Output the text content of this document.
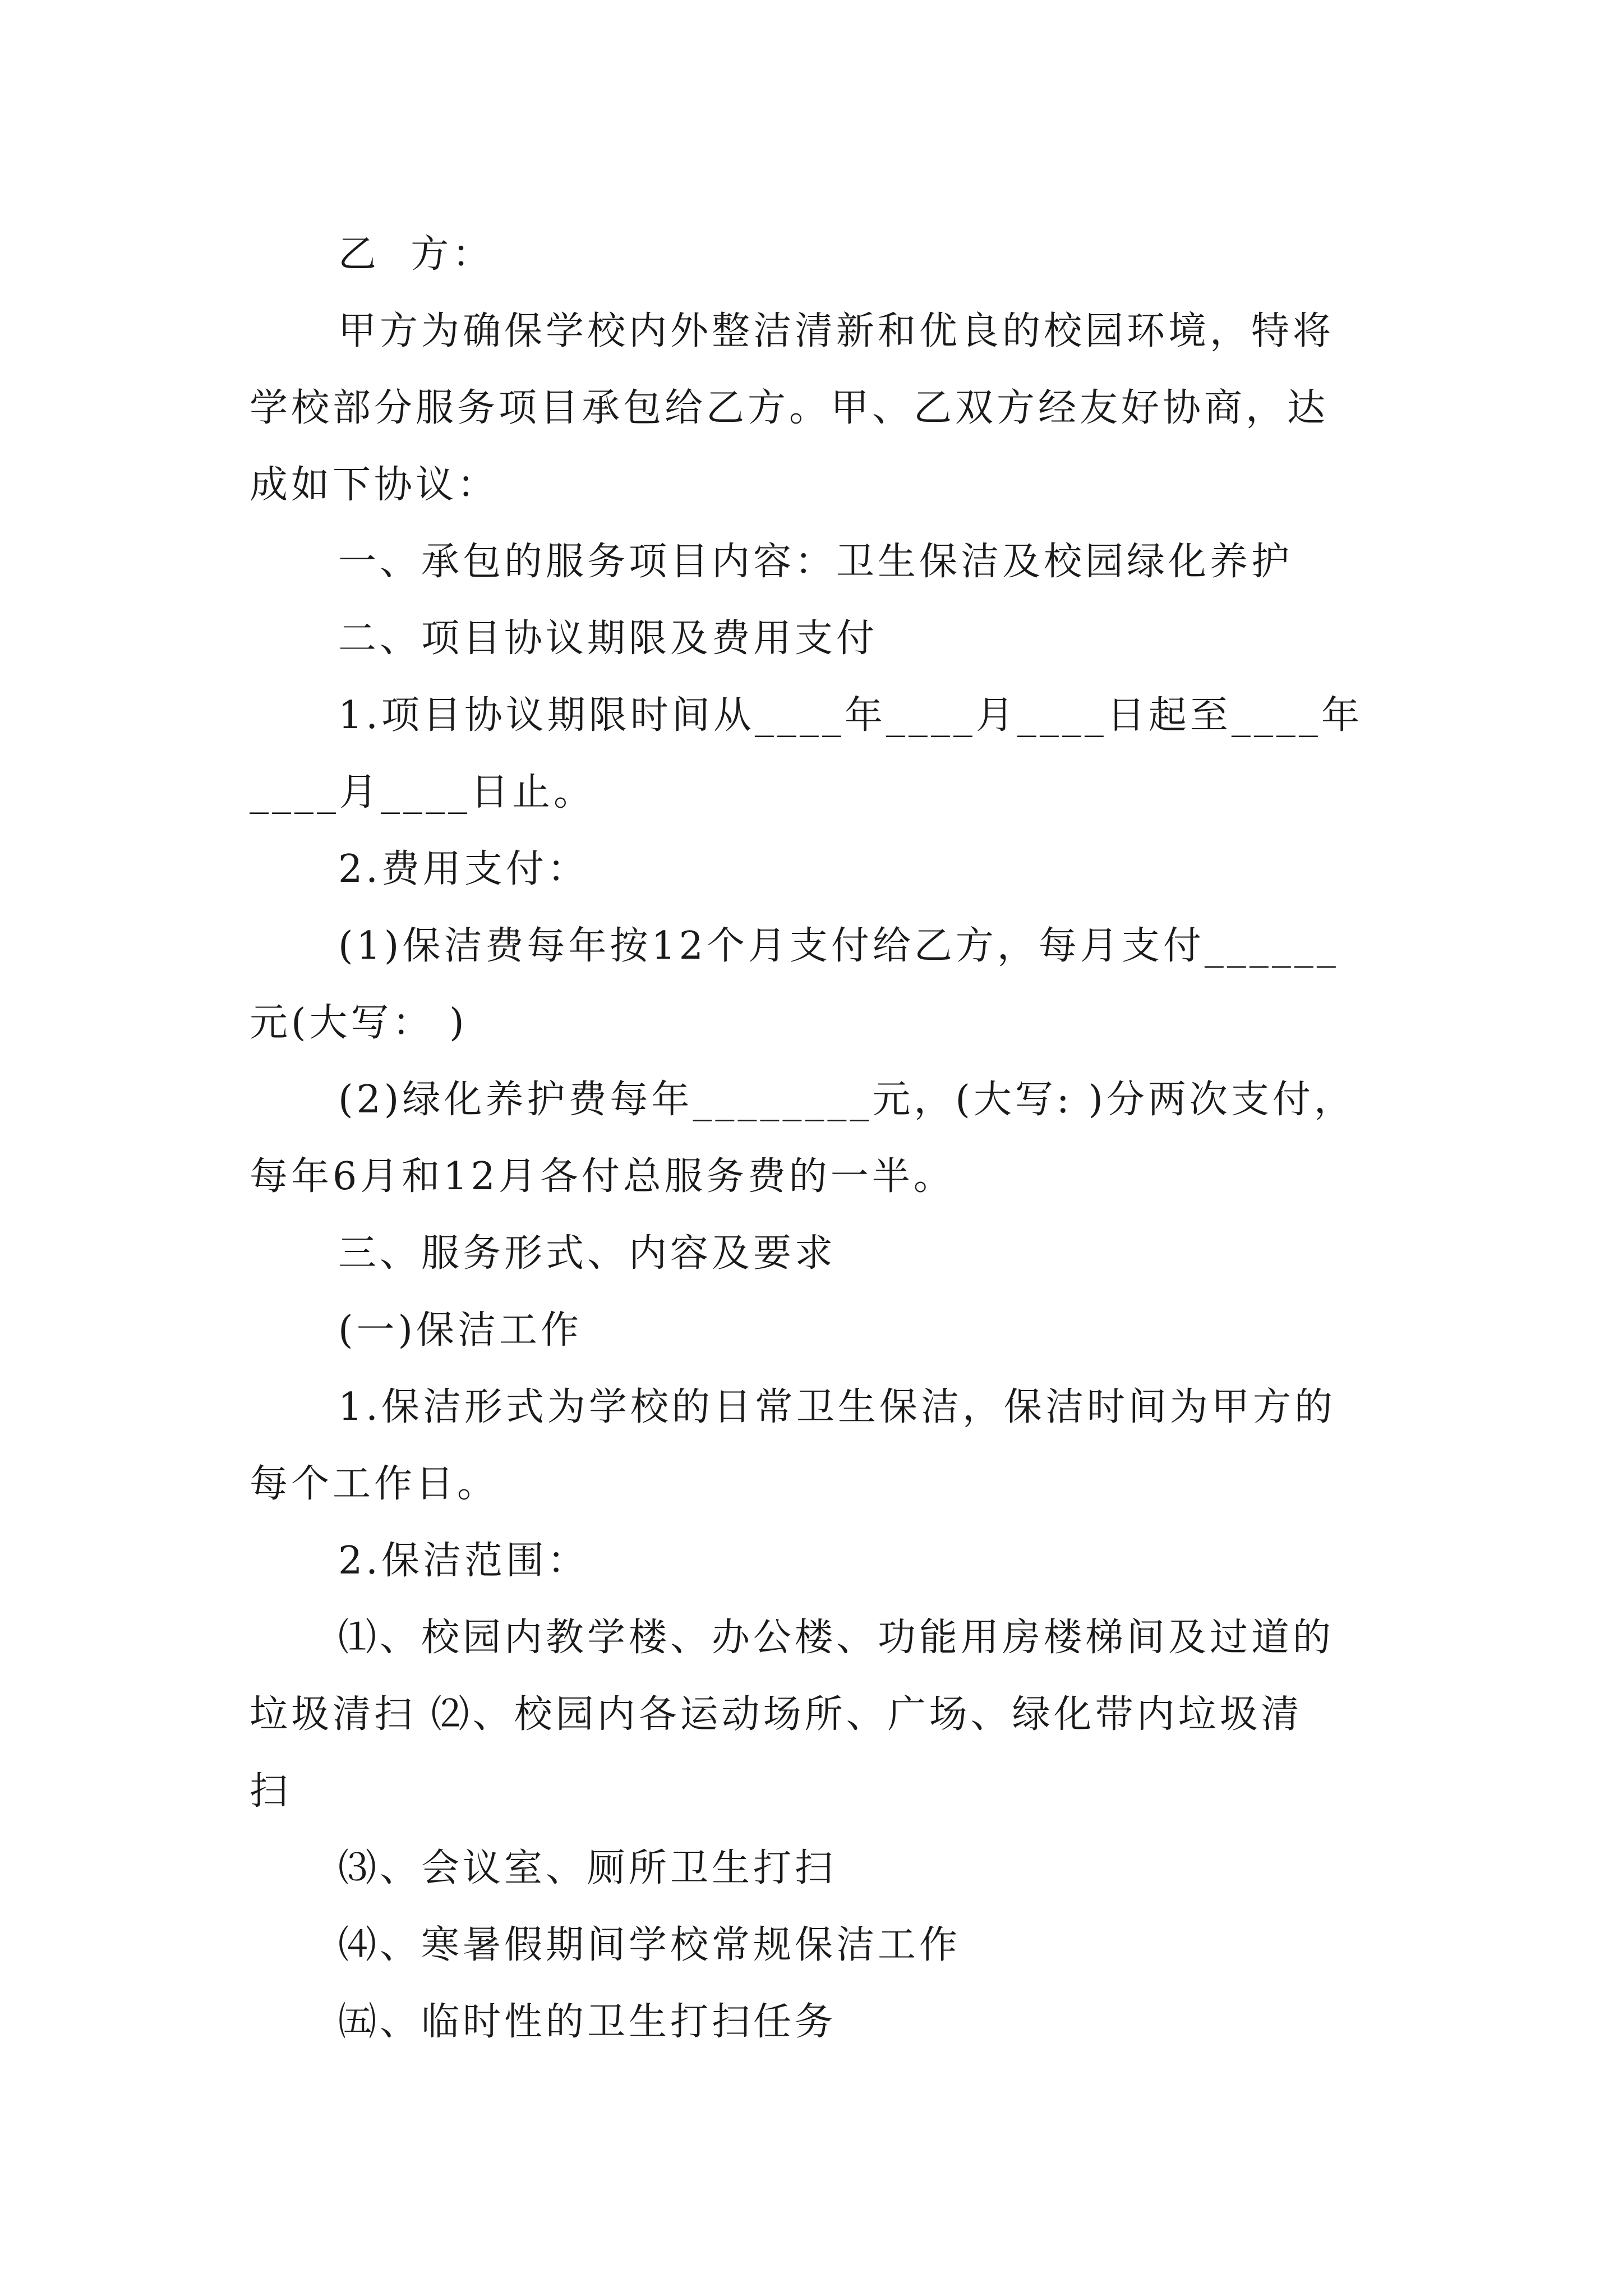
乙  方：
甲方为确保学校内外整洁清新和优良的校园环境，特将
学校部分服务项目承包给乙方。甲、乙双方经友好协商，达
成如下协议：
一、承包的服务项目内容：卫生保洁及校园绿化养护
二、项目协议期限及费用支付
1.项目协议期限时间从____年____月____日起至____年
____月____日止。
2.费用支付：
(1)保洁费每年按12个月支付给乙方，每月支付______
元(大写： )
(2)绿化养护费每年________元，(大写: )分两次支付，
每年6月和12月各付总服务费的一半。
三、服务形式、内容及要求
(一)保洁工作
1.保洁形式为学校的日常卫生保洁，保洁时间为甲方的
每个工作日。
2.保洁范围：
⑴、校园内教学楼、办公楼、功能用房楼梯间及过道的
垃圾清扫 ⑵、校园内各运动场所、广场、绿化带内垃圾清
扫
⑶、会议室、厕所卫生打扫
⑷、寒暑假期间学校常规保洁工作
㈤、临时性的卫生打扫任务
